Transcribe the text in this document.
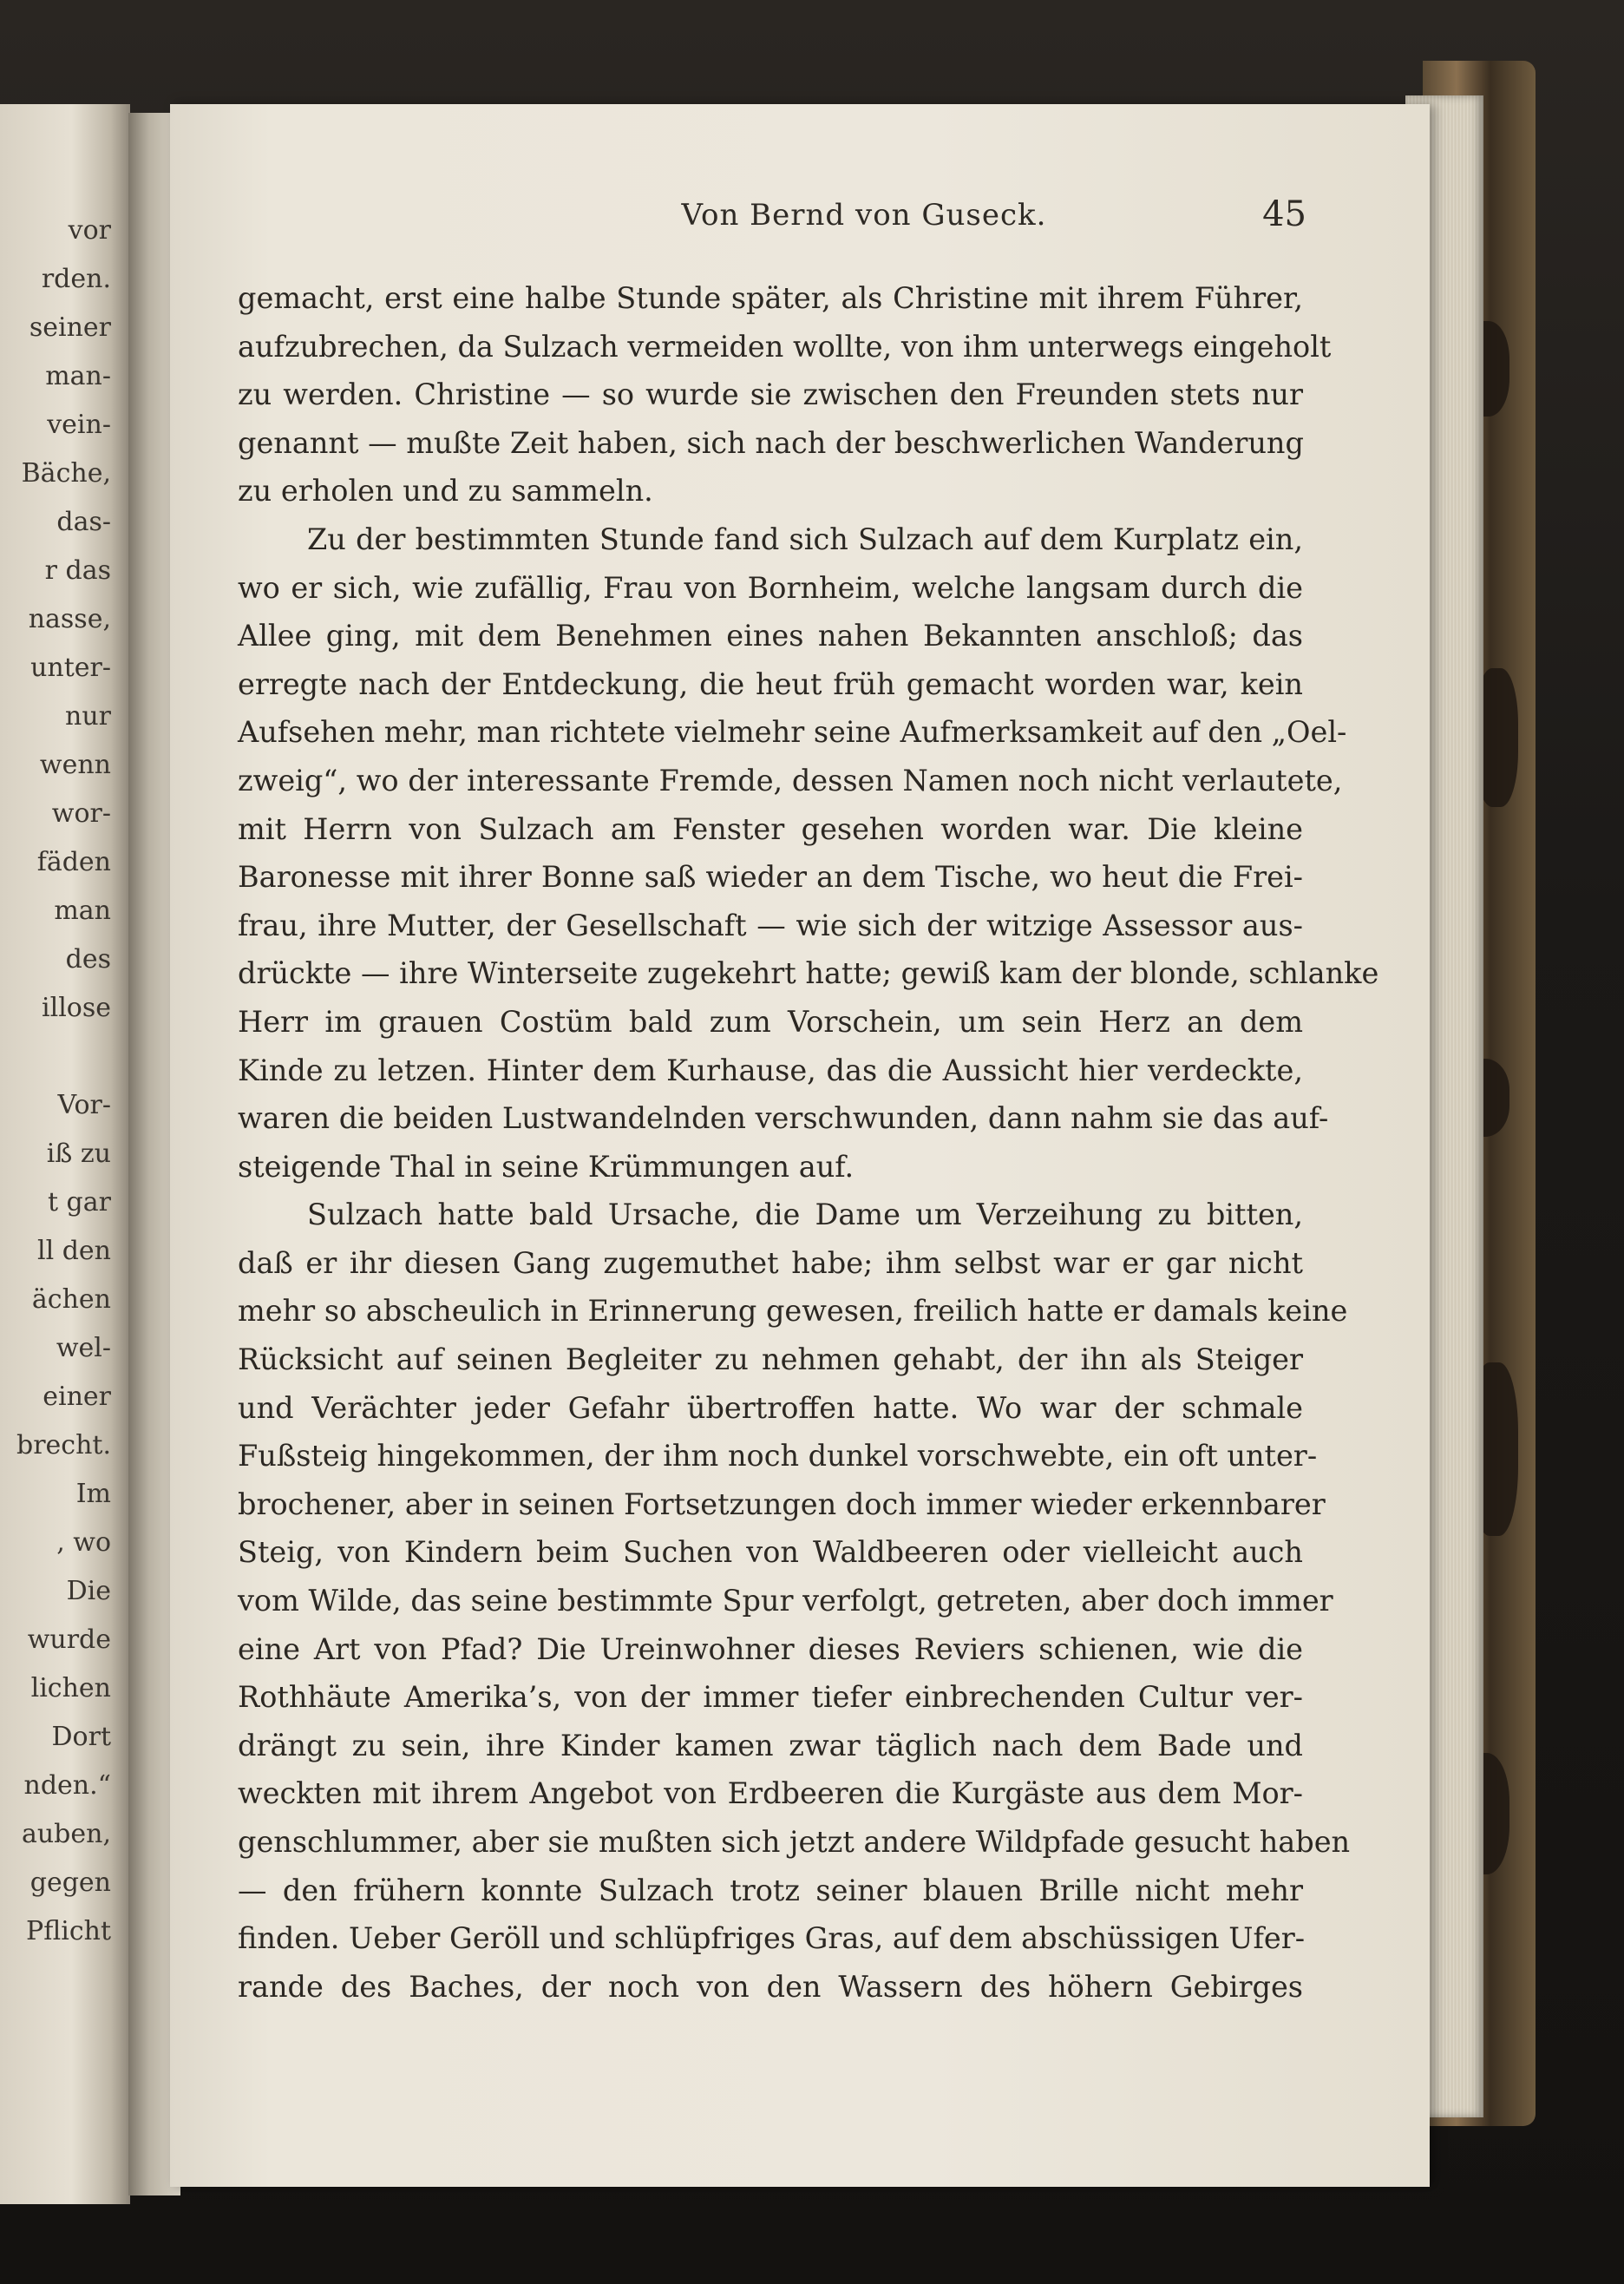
vor
rden.
seiner
man-
vein-
Bäche,
das-
r das
nasse,
unter-
nur
wenn
wor-
fäden
man
des
illose
Vor-
iß zu
t gar
ll den
ächen
wel-
einer
brecht.
Im
, wo
Die
wurde
lichen
Dort
nden.“
auben,
gegen
Pflicht
Von Bernd von Guseck.	45
gemacht, erst eine halbe Stunde später, als Christine mit ihrem Führer,
aufzubrechen, da Sulzach vermeiden wollte, von ihm unterwegs eingeholt
zu werden. Christine — so wurde sie zwischen den Freunden stets nur
genannt — mußte Zeit haben, sich nach der beschwerlichen Wanderung
zu erholen und zu sammeln.
Zu der bestimmten Stunde fand sich Sulzach auf dem Kurplatz ein,
wo er sich, wie zufällig, Frau von Bornheim, welche langsam durch die
Allee ging, mit dem Benehmen eines nahen Bekannten anschloß; das
erregte nach der Entdeckung, die heut früh gemacht worden war, kein
Aufsehen mehr, man richtete vielmehr seine Aufmerksamkeit auf den „Oel-
zweig“, wo der interessante Fremde, dessen Namen noch nicht verlautete,
mit Herrn von Sulzach am Fenster gesehen worden war. Die kleine
Baronesse mit ihrer Bonne saß wieder an dem Tische, wo heut die Frei-
frau, ihre Mutter, der Gesellschaft — wie sich der witzige Assessor aus-
drückte — ihre Winterseite zugekehrt hatte; gewiß kam der blonde, schlanke
Herr im grauen Costüm bald zum Vorschein, um sein Herz an dem
Kinde zu letzen. Hinter dem Kurhause, das die Aussicht hier verdeckte,
waren die beiden Lustwandelnden verschwunden, dann nahm sie das auf-
steigende Thal in seine Krümmungen auf.
Sulzach hatte bald Ursache, die Dame um Verzeihung zu bitten,
daß er ihr diesen Gang zugemuthet habe; ihm selbst war er gar nicht
mehr so abscheulich in Erinnerung gewesen, freilich hatte er damals keine
Rücksicht auf seinen Begleiter zu nehmen gehabt, der ihn als Steiger
und Verächter jeder Gefahr übertroffen hatte. Wo war der schmale
Fußsteig hingekommen, der ihm noch dunkel vorschwebte, ein oft unter-
brochener, aber in seinen Fortsetzungen doch immer wieder erkennbarer
Steig, von Kindern beim Suchen von Waldbeeren oder vielleicht auch
vom Wilde, das seine bestimmte Spur verfolgt, getreten, aber doch immer
eine Art von Pfad? Die Ureinwohner dieses Reviers schienen, wie die
Rothhäute Amerika’s, von der immer tiefer einbrechenden Cultur ver-
drängt zu sein, ihre Kinder kamen zwar täglich nach dem Bade und
weckten mit ihrem Angebot von Erdbeeren die Kurgäste aus dem Mor-
genschlummer, aber sie mußten sich jetzt andere Wildpfade gesucht haben
— den frühern konnte Sulzach trotz seiner blauen Brille nicht mehr
finden. Ueber Geröll und schlüpfriges Gras, auf dem abschüssigen Ufer-
rande des Baches, der noch von den Wassern des höhern Gebirges
